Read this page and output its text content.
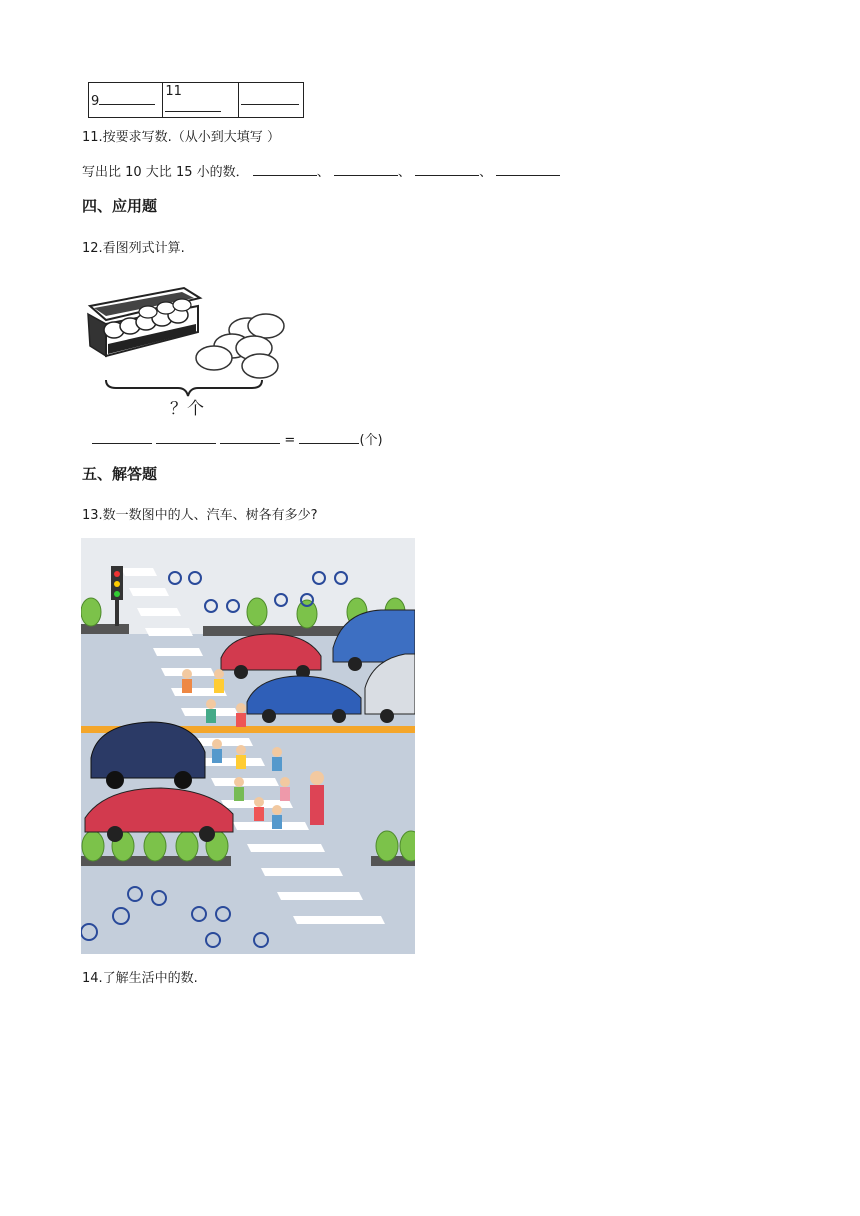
9	11	
11.按要求写数.（从小到大填写 ）
写出比 10 大比 15 小的数．	、	、	、
四、应用题
12.看图列式计算.
？个
=	(个)
五、解答题
13.数一数图中的人、汽车、树各有多少?
14.了解生活中的数.
